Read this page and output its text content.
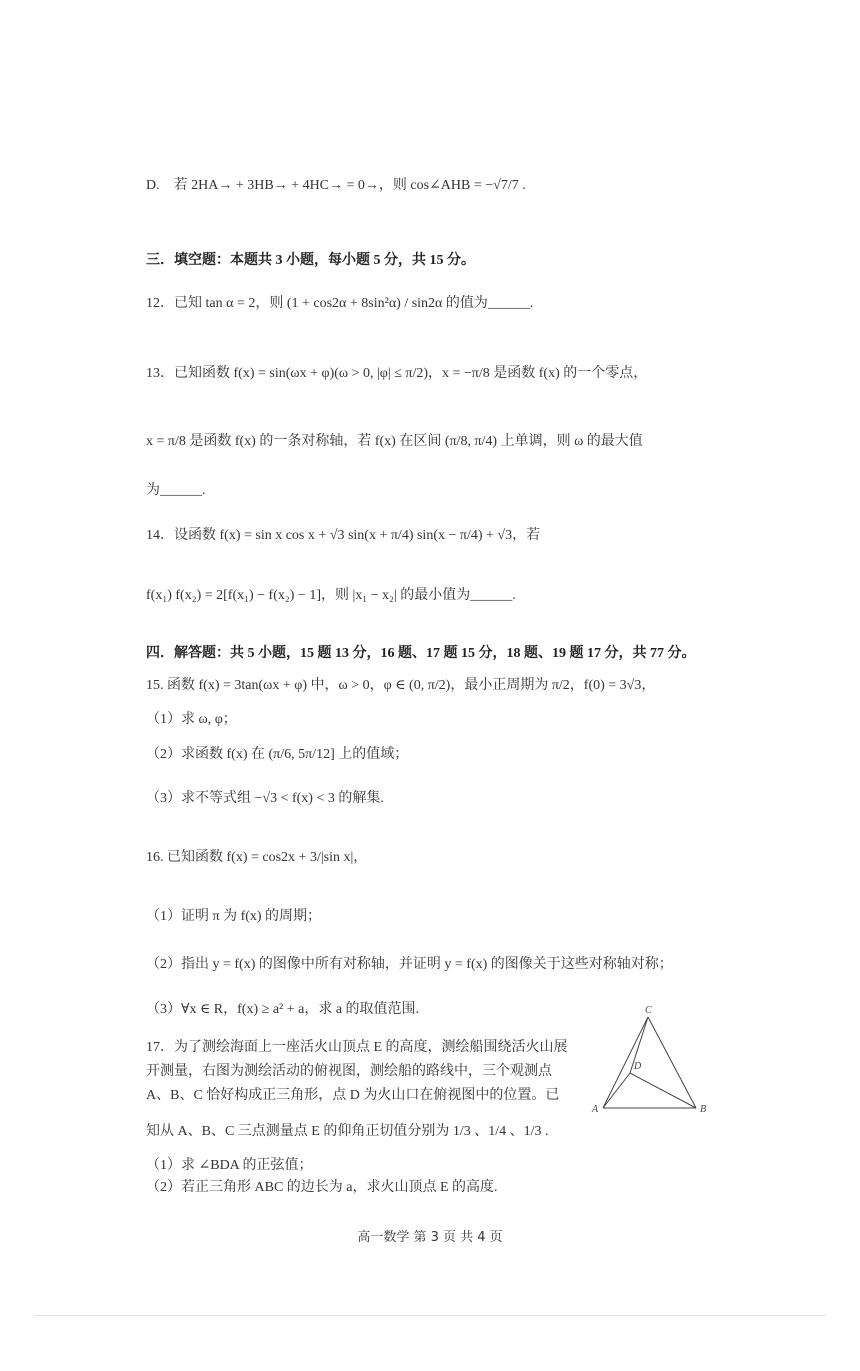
D.　若 2HA→ + 3HB→ + 4HC→ = 0→，则 cos∠AHB = −√7/7 .
三．填空题：本题共 3 小题，每小题 5 分，共 15 分。
12．已知 tan α = 2，则 (1 + cos2α + 8sin²α) / sin2α 的值为______.
13．已知函数 f(x) = sin(ωx + φ)(ω > 0, |φ| ≤ π/2)，x = −π/8 是函数 f(x) 的一个零点，
x = π/8 是函数 f(x) 的一条对称轴，若 f(x) 在区间 (π/8, π/4) 上单调，则 ω 的最大值
为______.
14．设函数 f(x) = sin x cos x + √3 sin(x + π/4) sin(x − π/4) + √3，若
f(x₁) f(x₂) = 2[f(x₁) − f(x₂) − 1]，则 |x₁ − x₂| 的最小值为______.
四．解答题：共 5 小题，15 题 13 分，16 题、17 题 15 分，18 题、19 题 17 分，共 77 分。
15. 函数 f(x) = 3tan(ωx + φ) 中，ω > 0，φ ∈ (0, π/2)，最小正周期为 π/2，f(0) = 3√3，
（1）求 ω, φ；
（2）求函数 f(x) 在 (π/6, 5π/12] 上的值域；
（3）求不等式组 −√3 < f(x) < 3 的解集.
16. 已知函数 f(x) = cos2x + 3/|sin x|，
（1）证明 π 为 f(x) 的周期；
（2）指出 y = f(x) 的图像中所有对称轴，并证明 y = f(x) 的图像关于这些对称轴对称；
（3）∀x ∈ R，f(x) ≥ a² + a，求 a 的取值范围.
17．为了测绘海面上一座活火山顶点 E 的高度，测绘船围绕活火山展
开测量，右图为测绘活动的俯视图，测绘船的路线中，三个观测点
A、B、C 恰好构成正三角形，点 D 为火山口在俯视图中的位置。已
知从 A、B、C 三点测量点 E 的仰角正切值分别为 1/3 、1/4 、1/3 .
（1）求 ∠BDA 的正弦值；
（2）若正三角形 ABC 的边长为 a，求火山顶点 E 的高度.
A	B
C
D
高一数学 第 3 页 共 4 页
